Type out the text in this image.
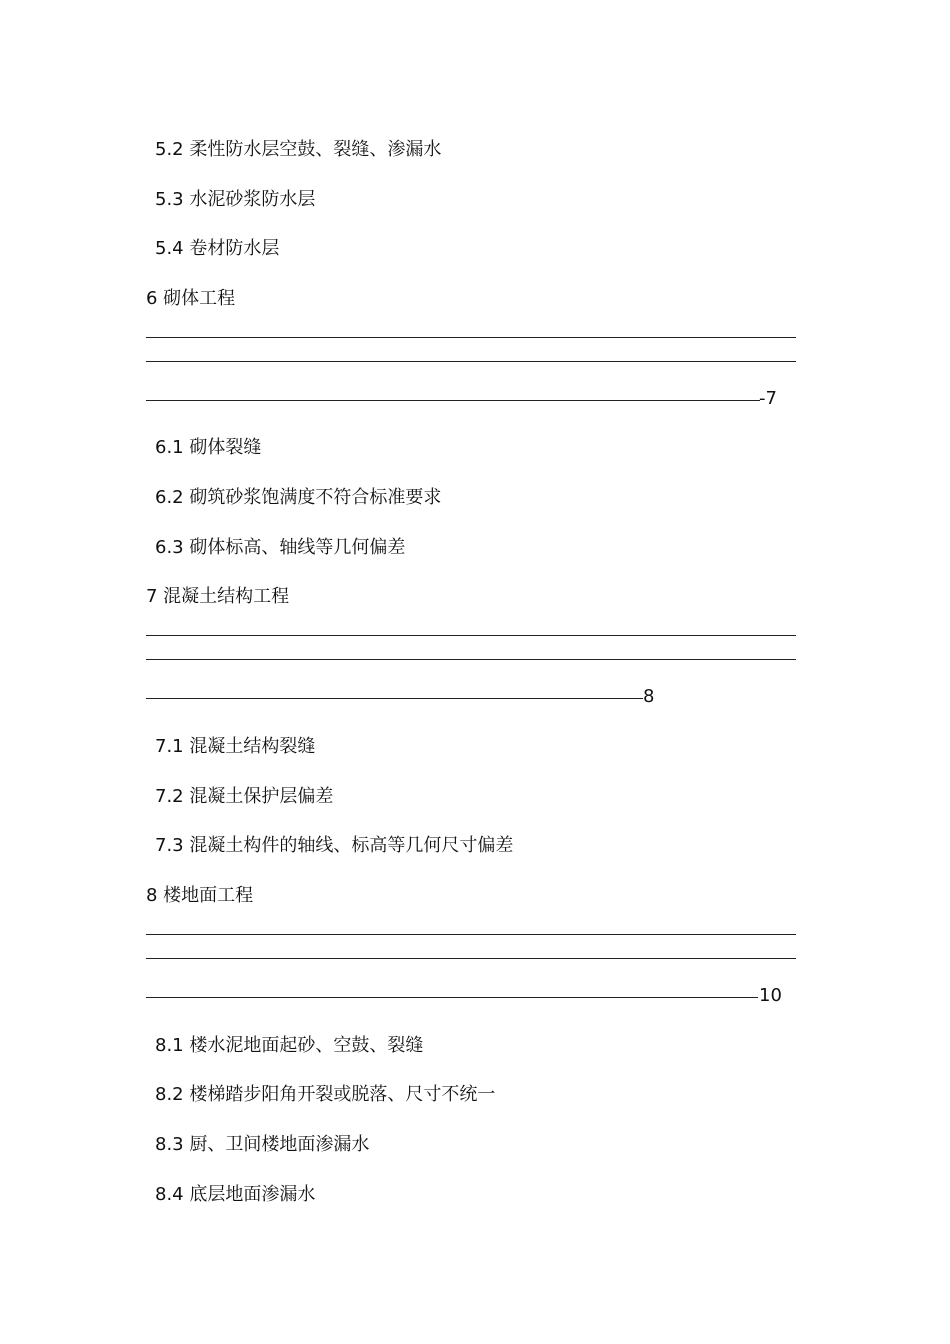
5.2 柔性防水层空鼓、裂缝、渗漏水
5.3 水泥砂浆防水层
5.4 卷材防水层
6 砌体工程
-7
6.1 砌体裂缝
6.2 砌筑砂浆饱满度不符合标准要求
6.3 砌体标高、轴线等几何偏差
7 混凝土结构工程
8
7.1 混凝土结构裂缝
7.2 混凝土保护层偏差
7.3 混凝土构件的轴线、标高等几何尺寸偏差
8 楼地面工程
10
8.1 楼水泥地面起砂、空鼓、裂缝
8.2 楼梯踏步阳角开裂或脱落、尺寸不统一
8.3 厨、卫间楼地面渗漏水
8.4 底层地面渗漏水
